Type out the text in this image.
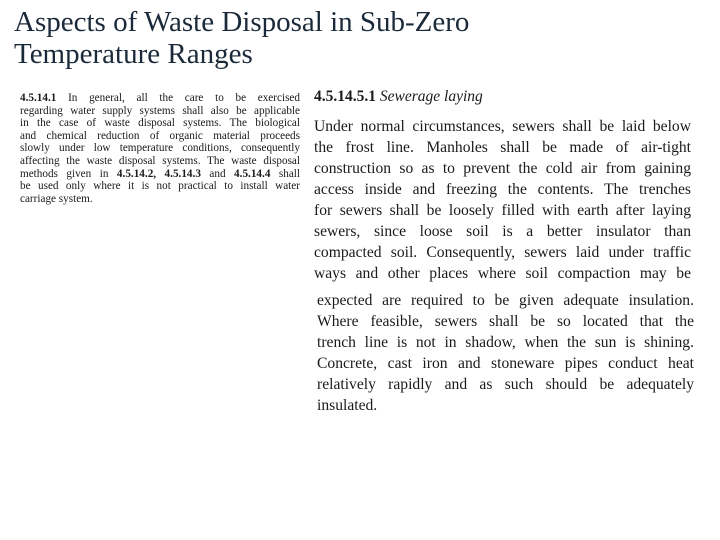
Aspects of Waste Disposal in Sub-Zero
Temperature Ranges
4.5.14.1 In general, all the care to be exercised
regarding water supply systems shall also be applicable
in the case of waste disposal systems. The biological
and chemical reduction of organic material proceeds
slowly under low temperature conditions, consequently
affecting the waste disposal systems. The waste disposal
methods given in 4.5.14.2, 4.5.14.3 and 4.5.14.4 shall
be used only where it is not practical to install water
carriage system.
4.5.14.5.1 Sewerage laying
Under normal circumstances, sewers shall be laid below
the frost line. Manholes shall be made of air-tight
construction so as to prevent the cold air from gaining
access inside and freezing the contents. The trenches
for sewers shall be loosely filled with earth after laying
sewers, since loose soil is a better insulator than
compacted soil. Consequently, sewers laid under traffic
ways and other places where soil compaction may be
expected are required to be given adequate insulation.
Where feasible, sewers shall be so located that the
trench line is not in shadow, when the sun is shining.
Concrete, cast iron and stoneware pipes conduct heat
relatively rapidly and as such should be adequately
insulated.
